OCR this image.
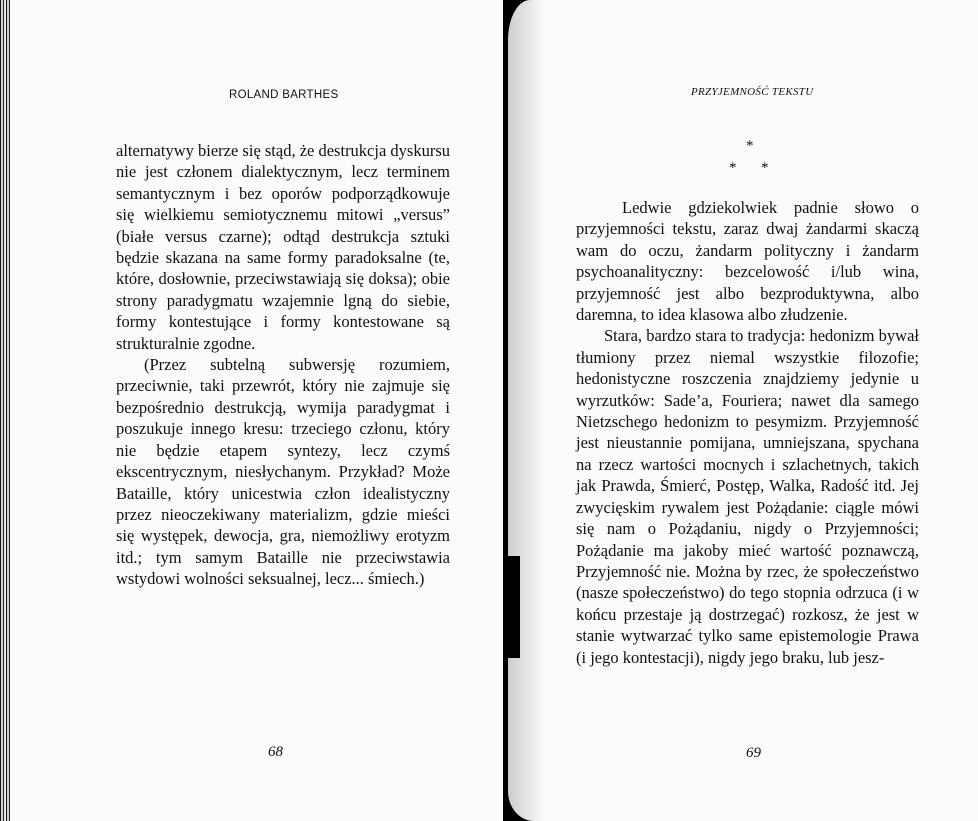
ROLAND BARTHES

alternatywy bierze się stąd, że destrukcja dyskursu nie jest członem dialektycznym, lecz terminem semantycznym i bez oporów podporządkowuje się wielkiemu semiotycznemu mitowi „versus” (białe versus czarne); odtąd destrukcja sztuki będzie skazana na same formy paradoksalne (te, które, dosłownie, przeciwstawiają się doksa); obie strony paradygmatu wzajemnie lgną do siebie, formy kontestujące i formy kontestowane są strukturalnie zgodne.

(Przez subtelną subwersję rozumiem, przeciwnie, taki przewrót, który nie zajmuje się bezpośrednio destrukcją, wymija paradygmat i poszukuje innego kresu: trzeciego członu, który nie będzie etapem syntezy, lecz czymś ekscentrycznym, niesłychanym. Przykład? Może Bataille, który unicestwia człon idealistyczny przez nieoczekiwany materializm, gdzie mieści się występek, dewocja, gra, niemożliwy erotyzm itd.; tym samym Bataille nie przeciwstawia wstydowi wolności seksualnej, lecz... śmiech.)

68
PRZYJEMNOŚĆ TEKSTU
*
* *

Ledwie gdziekolwiek padnie słowo o przyjemności tekstu, zaraz dwaj żandarmi skaczą wam do oczu, żandarm polityczny i żandarm psychoanalityczny: bezcelowość i/lub wina, przyjemność jest albo bezproduktywna, albo daremna, to idea klasowa albo złudzenie.

Stara, bardzo stara to tradycja: hedonizm bywał tłumiony przez niemal wszystkie filozofie; hedonistyczne roszczenia znajdziemy jedynie u wyrzutków: Sade’a, Fouriera; nawet dla samego Nietzschego hedonizm to pesymizm. Przyjemność jest nieustannie pomijana, umniejszana, spychana na rzecz wartości mocnych i szlachetnych, takich jak Prawda, Śmierć, Postęp, Walka, Radość itd. Jej zwycięskim rywalem jest Pożądanie: ciągle mówi się nam o Pożądaniu, nigdy o Przyjemności; Pożądanie ma jakoby mieć wartość poznawczą, Przyjemność nie. Można by rzec, że społeczeństwo (nasze społeczeństwo) do tego stopnia odrzuca (i w końcu przestaje ją dostrzegać) rozkosz, że jest w stanie wytwarzać tylko same epistemologie Prawa (i jego kontestacji), nigdy jego braku, lub jesz-

69
